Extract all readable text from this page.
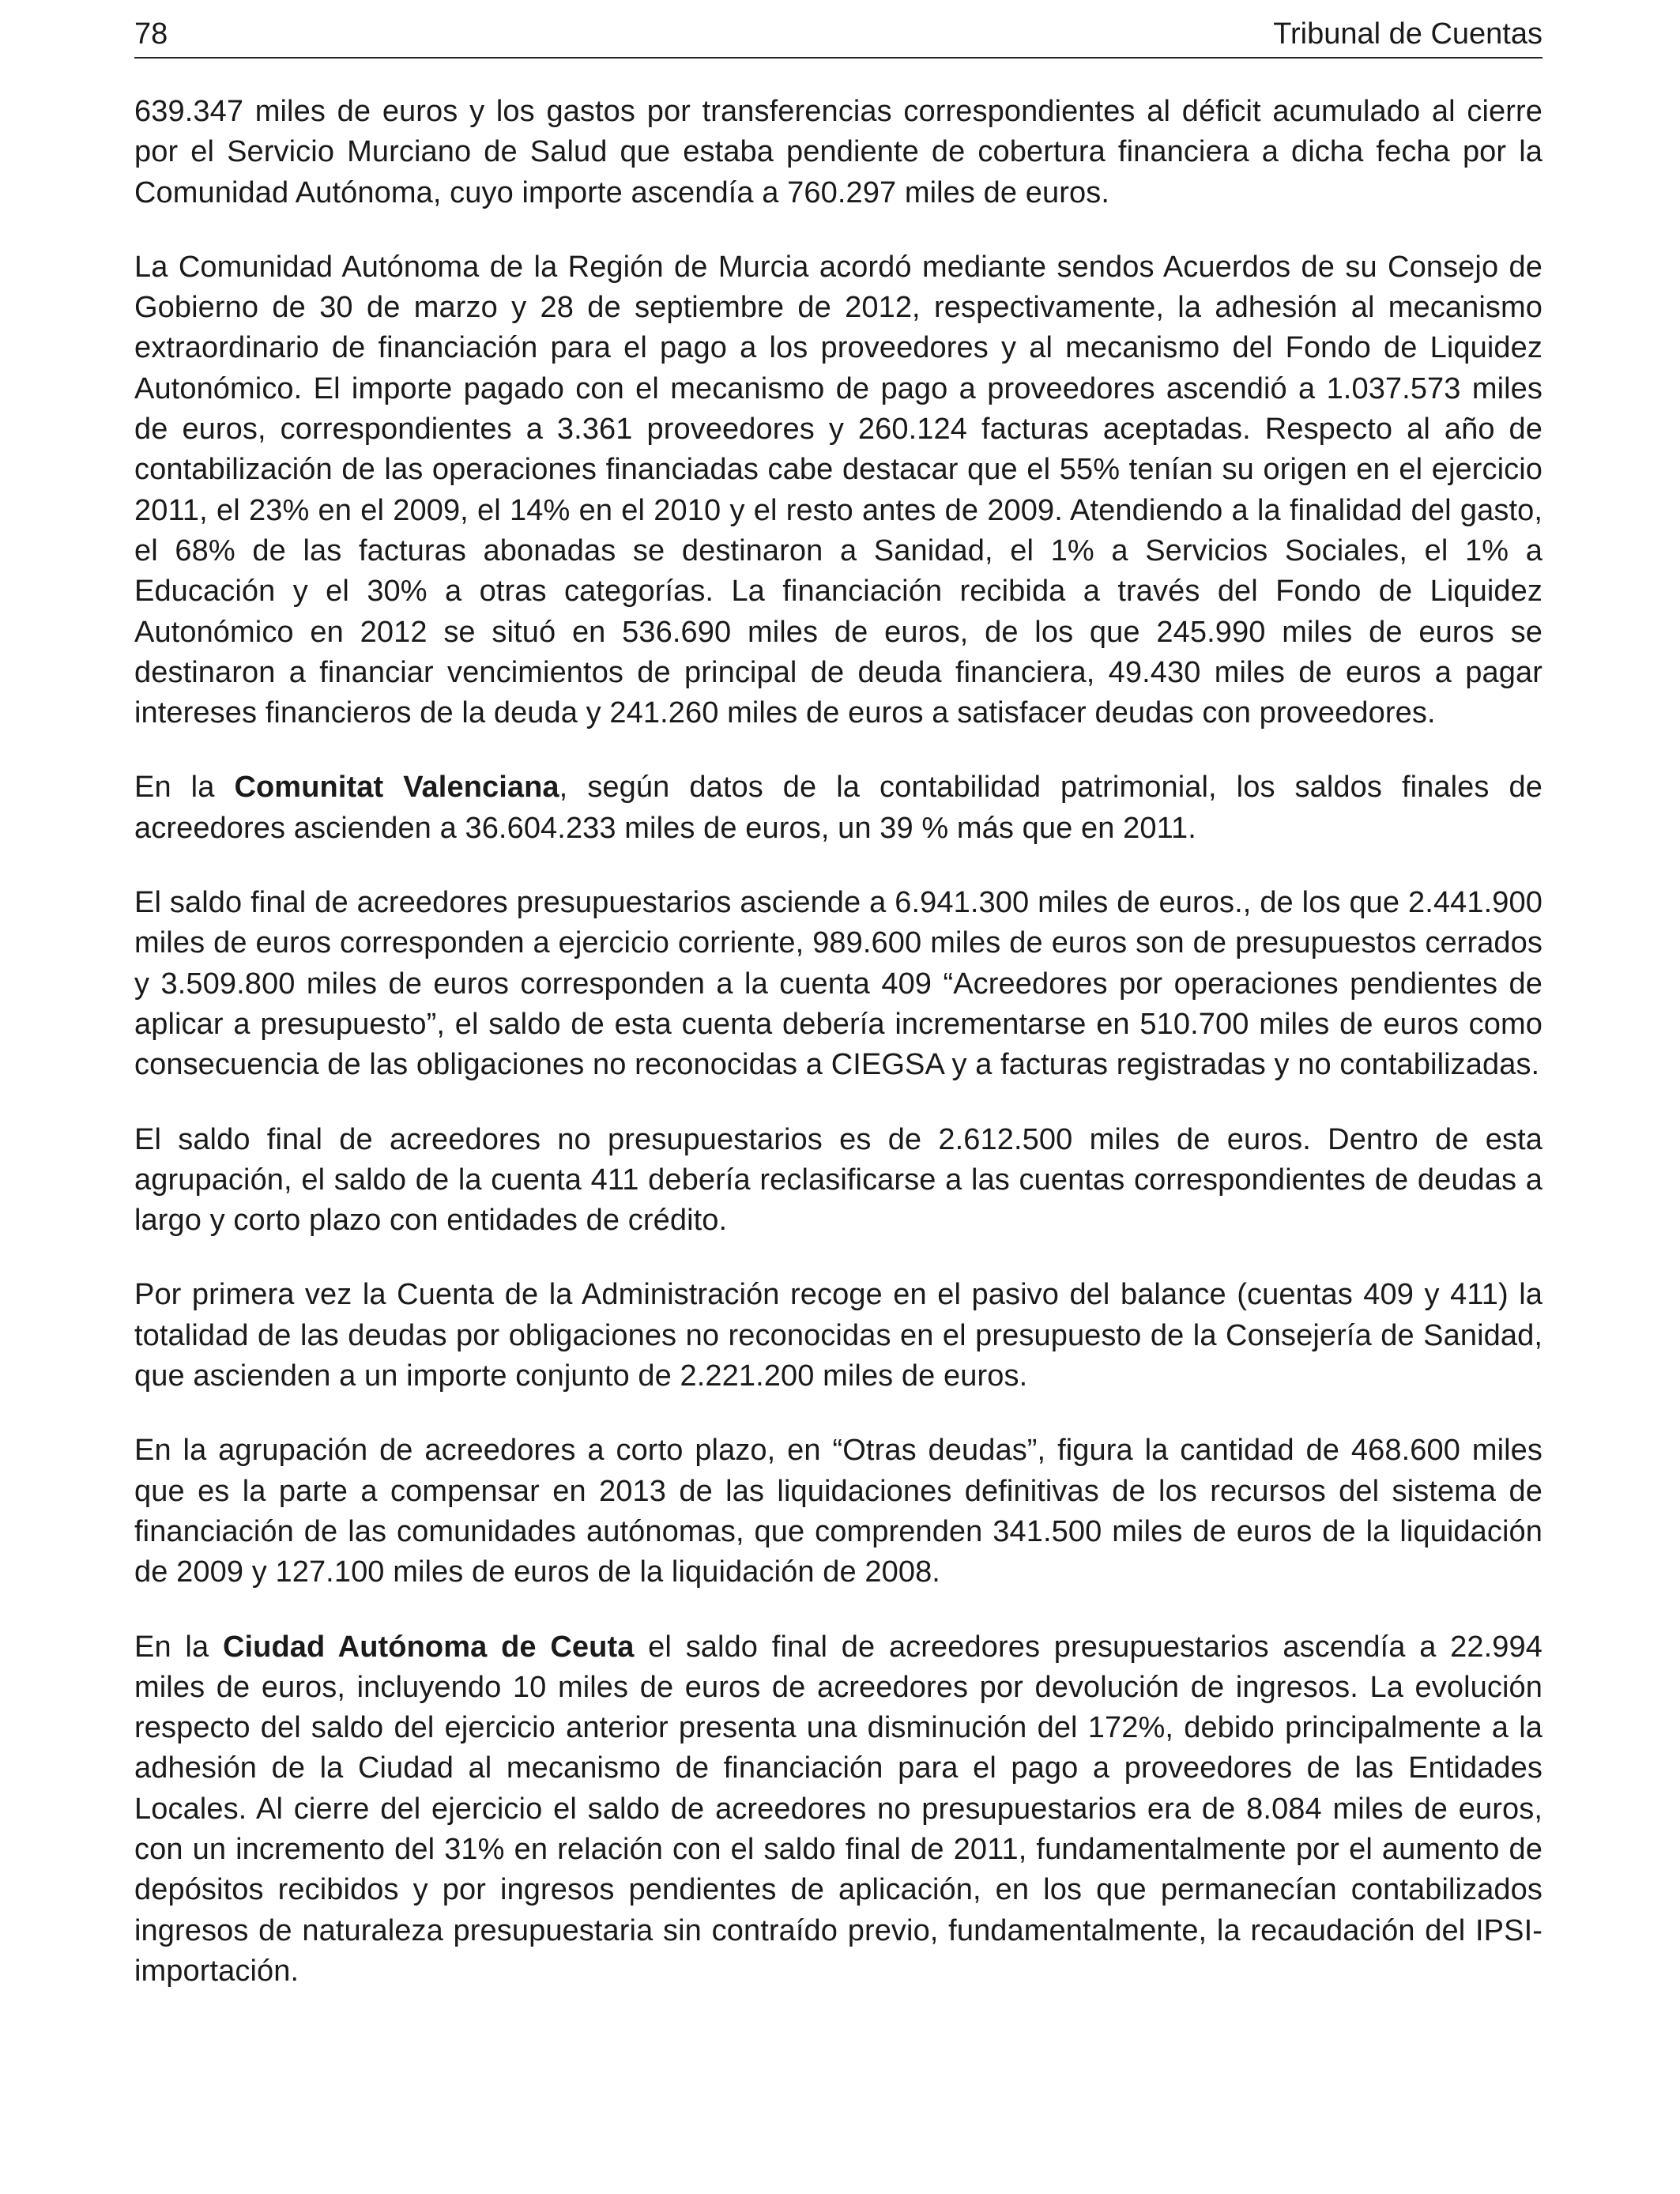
78	Tribunal de Cuentas

639.347 miles de euros y los gastos por transferencias correspondientes al déficit acumulado al cierre por el Servicio Murciano de Salud que estaba pendiente de cobertura financiera a dicha fecha por la Comunidad Autónoma, cuyo importe ascendía a 760.297 miles de euros.

La Comunidad Autónoma de la Región de Murcia acordó mediante sendos Acuerdos de su Consejo de Gobierno de 30 de marzo y 28 de septiembre de 2012, respectivamente, la adhesión al mecanismo extraordinario de financiación para el pago a los proveedores y al mecanismo del Fondo de Liquidez Autonómico. El importe pagado con el mecanismo de pago a proveedores ascendió a 1.037.573 miles de euros, correspondientes a 3.361 proveedores y 260.124 facturas aceptadas. Respecto al año de contabilización de las operaciones financiadas cabe destacar que el 55% tenían su origen en el ejercicio 2011, el 23% en el 2009, el 14% en el 2010 y el resto antes de 2009. Atendiendo a la finalidad del gasto, el 68% de las facturas abonadas se destinaron a Sanidad, el 1% a Servicios Sociales, el 1% a Educación y el 30% a otras categorías. La financiación recibida a través del Fondo de Liquidez Autonómico en 2012 se situó en 536.690 miles de euros, de los que 245.990 miles de euros se destinaron a financiar vencimientos de principal de deuda financiera, 49.430 miles de euros a pagar intereses financieros de la deuda y 241.260 miles de euros a satisfacer deudas con proveedores.

En la Comunitat Valenciana, según datos de la contabilidad patrimonial, los saldos finales de acreedores ascienden a 36.604.233 miles de euros, un 39 % más que en 2011.

El saldo final de acreedores presupuestarios asciende a 6.941.300 miles de euros., de los que 2.441.900 miles de euros corresponden a ejercicio corriente, 989.600 miles de euros son de presupuestos cerrados y 3.509.800 miles de euros corresponden a la cuenta 409 “Acreedores por operaciones pendientes de aplicar a presupuesto”, el saldo de esta cuenta debería incrementarse en 510.700 miles de euros como consecuencia de las obligaciones no reconocidas a CIEGSA y a facturas registradas y no contabilizadas.

El saldo final de acreedores no presupuestarios es de 2.612.500 miles de euros. Dentro de esta agrupación, el saldo de la cuenta 411 debería reclasificarse a las cuentas correspondientes de deudas a largo y corto plazo con entidades de crédito.

Por primera vez la Cuenta de la Administración recoge en el pasivo del balance (cuentas 409 y 411) la totalidad de las deudas por obligaciones no reconocidas en el presupuesto de la Consejería de Sanidad, que ascienden a un importe conjunto de 2.221.200 miles de euros.

En la agrupación de acreedores a corto plazo, en “Otras deudas”, figura la cantidad de 468.600 miles que es la parte a compensar en 2013 de las liquidaciones definitivas de los recursos del sistema de financiación de las comunidades autónomas, que comprenden 341.500 miles de euros de la liquidación de 2009 y 127.100 miles de euros de la liquidación de 2008.

En la Ciudad Autónoma de Ceuta el saldo final de acreedores presupuestarios ascendía a 22.994 miles de euros, incluyendo 10 miles de euros de acreedores por devolución de ingresos. La evolución respecto del saldo del ejercicio anterior presenta una disminución del 172%, debido principalmente a la adhesión de la Ciudad al mecanismo de financiación para el pago a proveedores de las Entidades Locales. Al cierre del ejercicio el saldo de acreedores no presupuestarios era de 8.084 miles de euros, con un incremento del 31% en relación con el saldo final de 2011, fundamentalmente por el aumento de depósitos recibidos y por ingresos pendientes de aplicación, en los que permanecían contabilizados ingresos de naturaleza presupuestaria sin contraído previo, fundamentalmente, la recaudación del IPSI-importación.
